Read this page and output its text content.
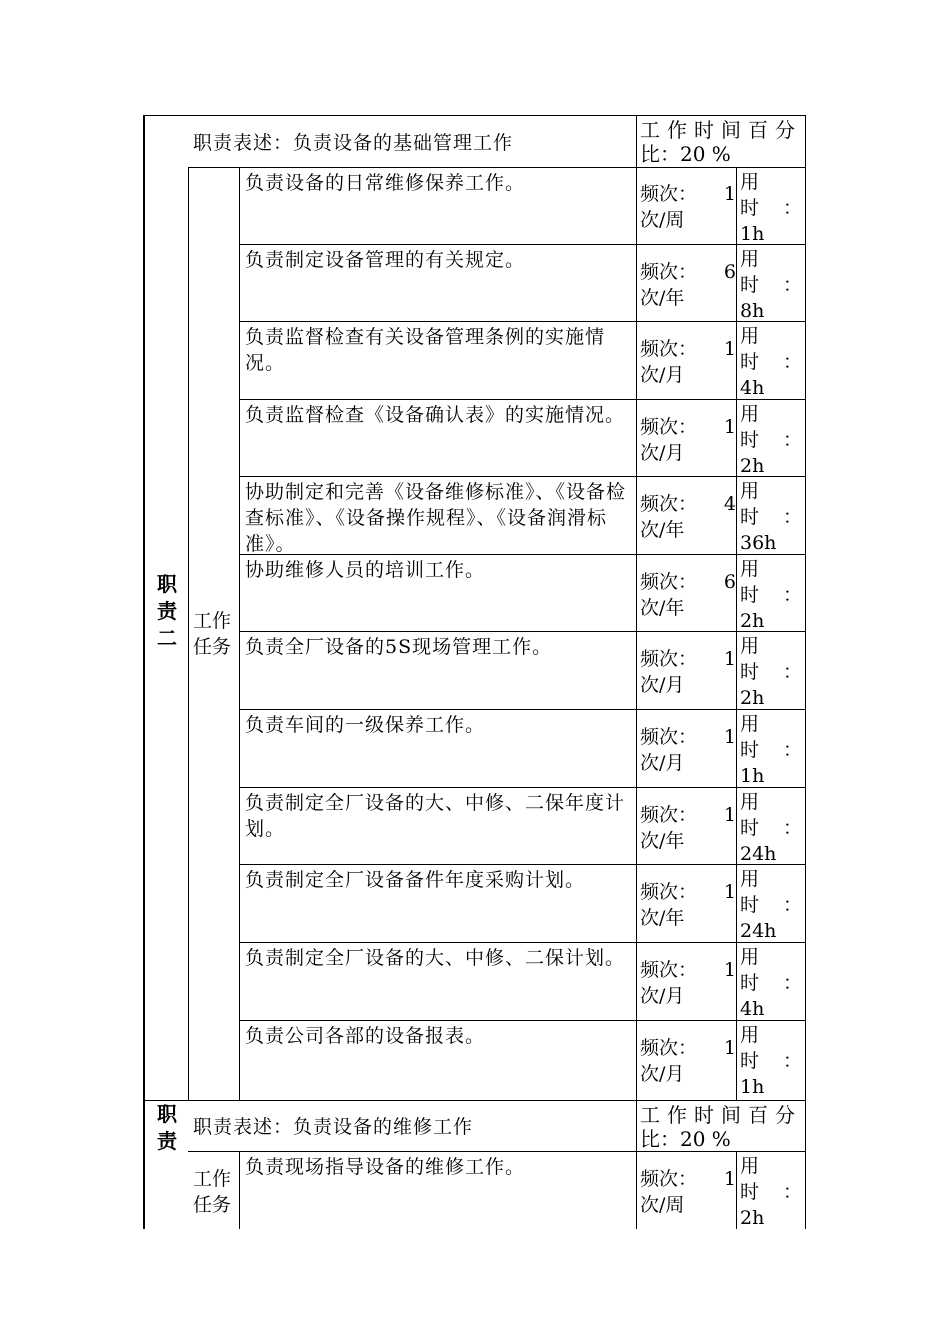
职
责
二
职责表述：负责设备的基础管理工作
工作时间百分
比：20 %
工作
任务
负责设备的日常维修保养工作。	频次： 1
次/周
用
时 ：
1h
负责制定设备管理的有关规定。
频次： 6
次/年
用
时 ：
8h
负责监督检查有关设备管理条例的实施情况。
频次： 1
次/月
用
时 ：
4h
负责监督检查《设备确认表》的实施情况。
频次： 1
次/月
用
时 ：
2h
协助制定和完善《设备维修标准》、《设备检查标准》、《设备操作规程》、《设备润滑标准》。
频次： 4
次/年
用
时 ：
36h
协助维修人员的培训工作。
频次： 6
次/年
用
时 ：
2h
负责全厂设备的5S现场管理工作。
频次： 1
次/月
用
时 ：
2h
负责车间的一级保养工作。
频次： 1
次/月
用
时 ：
1h
负责制定全厂设备的大、中修、二保年度计划。
频次： 1
次/年
用
时 ：
24h
负责制定全厂设备备件年度采购计划。
频次： 1
次/年
用
时 ：
24h
负责制定全厂设备的大、中修、二保计划。
频次： 1
次/月
用
时 ：
4h
负责公司各部的设备报表。
频次： 1
次/月
用
时 ：
1h
职
责
职责表述：负责设备的维修工作	工作时间百分
比：20 %
工作
任务
负责现场指导设备的维修工作。
频次： 1
次/周
用
时 ：
2h
